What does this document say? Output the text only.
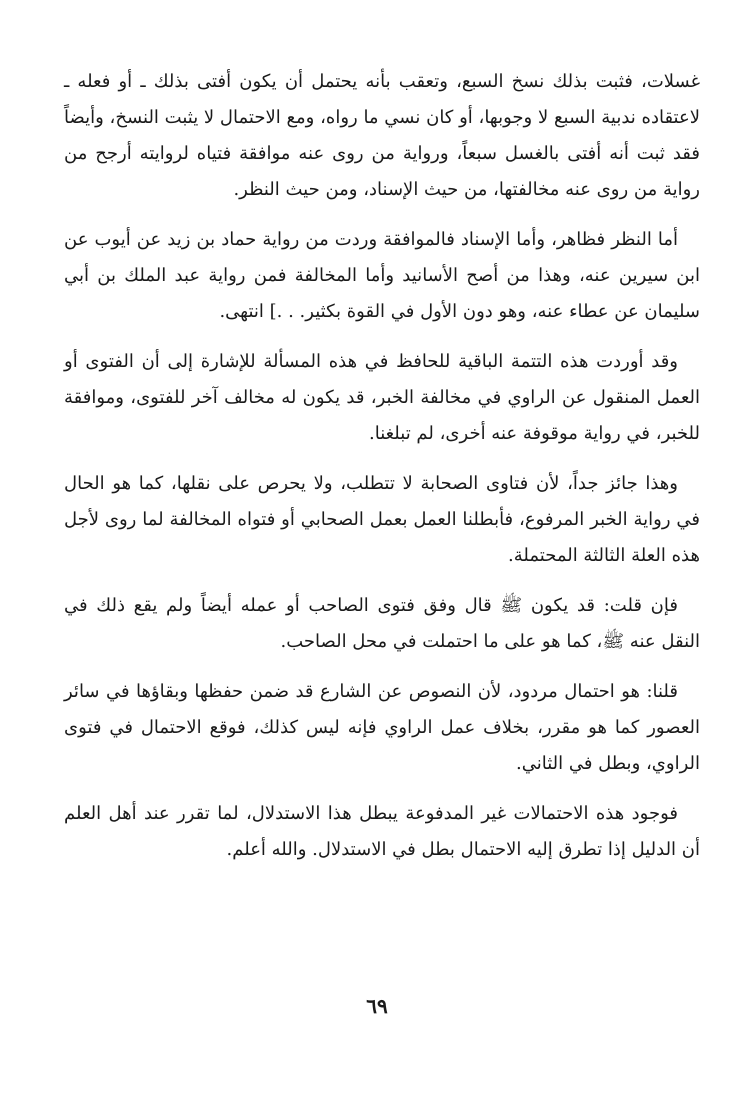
غسلات، فثبت بذلك نسخ السبع، وتعقب بأنه يحتمل أن يكون أفتى بذلك ـ أو فعله ـ لاعتقاده ندبية السبع لا وجوبها، أو كان نسي ما رواه، ومع الاحتمال لا يثبت النسخ، وأيضاً فقد ثبت أنه أفتى بالغسل سبعاً، ورواية من روى عنه موافقة فتياه لروايته أرجح من رواية من روى عنه مخالفتها، من حيث الإسناد، ومن حيث النظر.

أما النظر فظاهر، وأما الإسناد فالموافقة وردت من رواية حماد بن زيد عن أيوب عن ابن سيرين عنه، وهذا من أصح الأسانيد وأما المخالفة فمن رواية عبد الملك بن أبي سليمان عن عطاء عنه، وهو دون الأول في القوة بكثير. . .] انتهى.

وقد أوردت هذه التتمة الباقية للحافظ في هذه المسألة للإشارة إلى أن الفتوى أو العمل المنقول عن الراوي في مخالفة الخبر، قد يكون له مخالف آخر للفتوى، وموافقة للخبر، في رواية موقوفة عنه أخرى، لم تبلغنا.

وهذا جائز جداً، لأن فتاوى الصحابة لا تتطلب، ولا يحرص على نقلها، كما هو الحال في رواية الخبر المرفوع، فأبطلنا العمل بعمل الصحابي أو فتواه المخالفة لما روى لأجل هذه العلة الثالثة المحتملة.

فإن قلت: قد يكون ﷺ قال وفق فتوى الصاحب أو عمله أيضاً ولم يقع ذلك في النقل عنه ﷺ، كما هو على ما احتملت في محل الصاحب.

قلنا: هو احتمال مردود، لأن النصوص عن الشارع قد ضمن حفظها وبقاؤها في سائر العصور كما هو مقرر، بخلاف عمل الراوي فإنه ليس كذلك، فوقع الاحتمال في فتوى الراوي، وبطل في الثاني.

فوجود هذه الاحتمالات غير المدفوعة يبطل هذا الاستدلال، لما تقرر عند أهل العلم أن الدليل إذا تطرق إليه الاحتمال بطل في الاستدلال. والله أعلم.

٦٩
